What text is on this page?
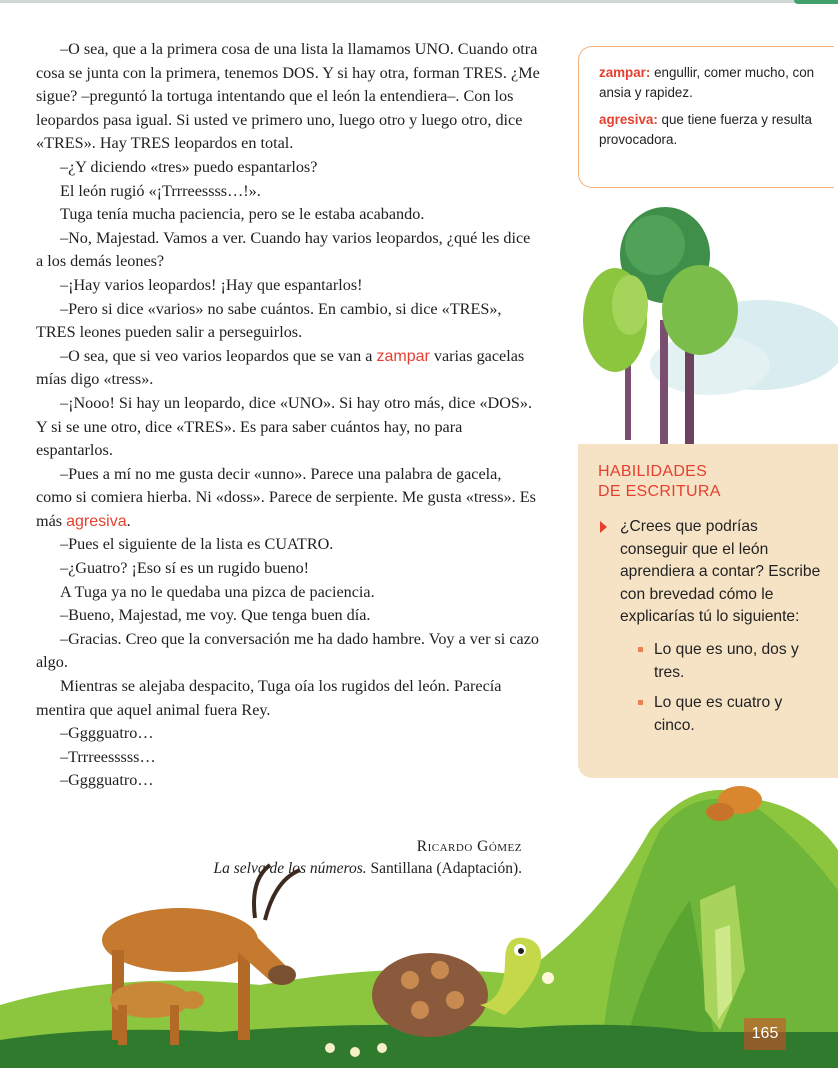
–O sea, que a la primera cosa de una lista la llamamos UNO. Cuando otra cosa se junta con la primera, tenemos DOS. Y si hay otra, forman TRES. ¿Me sigue? –preguntó la tortuga intentando que el león la entendiera–. Con los leopardos pasa igual. Si usted ve primero uno, luego otro y luego otro, dice «TRES». Hay TRES leopardos en total.

–¿Y diciendo «tres» puedo espantarlos?

El león rugió «¡Trrreessss…!».

Tuga tenía mucha paciencia, pero se le estaba acabando.

–No, Majestad. Vamos a ver. Cuando hay varios leopardos, ¿qué les dice a los demás leones?

–¡Hay varios leopardos! ¡Hay que espantarlos!

–Pero si dice «varios» no sabe cuántos. En cambio, si dice «TRES», TRES leones pueden salir a perseguirlos.

–O sea, que si veo varios leopardos que se van a zampar varias gacelas mías digo «tress».

–¡Nooo! Si hay un leopardo, dice «UNO». Si hay otro más, dice «DOS». Y si se une otro, dice «TRES». Es para saber cuántos hay, no para espantarlos.

–Pues a mí no me gusta decir «unno». Parece una palabra de gacela, como si comiera hierba. Ni «doss». Parece de serpiente. Me gusta «tress». Es más agresiva.

–Pues el siguiente de la lista es CUATRO.

–¿Guatro? ¡Eso sí es un rugido bueno!

A Tuga ya no le quedaba una pizca de paciencia.

–Bueno, Majestad, me voy. Que tenga buen día.

–Gracias. Creo que la conversación me ha dado hambre. Voy a ver si cazo algo.

Mientras se alejaba despacito, Tuga oía los rugidos del león. Parecía mentira que aquel animal fuera Rey.

–Gggguatro…

–Trrreesssss…

–Gggguatro…

Ricardo Gómez
La selva de los números. Santillana (Adaptación).

zampar: engullir, comer mucho, con ansia y rapidez.

agresiva: que tiene fuerza y resulta provocadora.

HABILIDADES
DE ESCRITURA
¿Crees que podrías conseguir que el león aprendiera a contar? Escribe con brevedad cómo le explicarías tú lo siguiente:
Lo que es uno, dos y tres.
Lo que es cuatro y cinco.
165
